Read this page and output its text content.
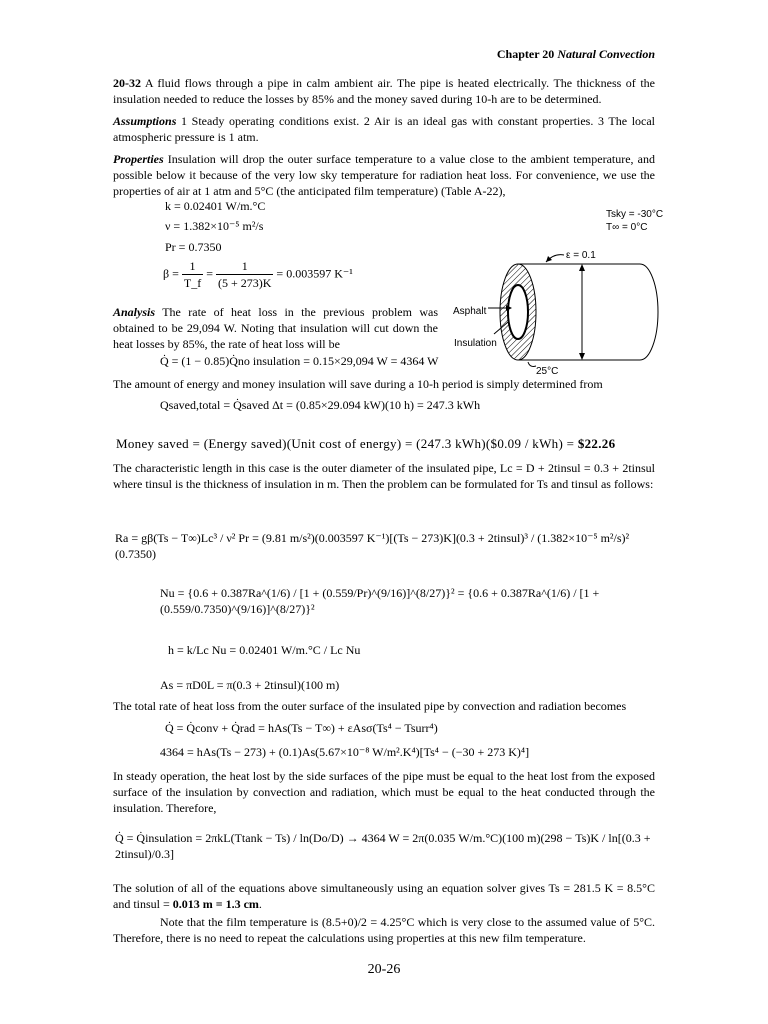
Chapter 20 Natural Convection
20-32 A fluid flows through a pipe in calm ambient air. The pipe is heated electrically. The thickness of the insulation needed to reduce the losses by 85% and the money saved during 10-h are to be determined.
Assumptions 1 Steady operating conditions exist. 2 Air is an ideal gas with constant properties. 3 The local atmospheric pressure is 1 atm.
Properties Insulation will drop the outer surface temperature to a value close to the ambient temperature, and possible below it because of the very low sky temperature for radiation heat loss. For convenience, we use the properties of air at 1 atm and 5°C (the anticipated film temperature) (Table A-22),
k = 0.02401 W/m.°C
ν = 1.382×10⁻⁵ m²/s
Pr = 0.7350
$\beta = \frac{1}{T\_f} = \frac{1}{(5 + 273)K} = 0.003597$ K⁻¹
Tsky = -30°C
T∞ = 0°C
ε = 0.1
Asphalt
Insulation
25°C
Analysis The rate of heat loss in the previous problem was obtained to be 29,094 W. Noting that insulation will cut down the heat losses by 85%, the rate of heat loss will be
Q̇ = (1 − 0.85)Q̇no insulation = 0.15×29,094 W = 4364 W
The amount of energy and money insulation will save during a 10-h period is simply determined from
Qsaved,total = Q̇saved Δt = (0.85×29.094 kW)(10 h) = 247.3 kWh
Money saved = (Energy saved)(Unit cost of energy) = (247.3 kWh)($0.09 / kWh) = $22.26
The characteristic length in this case is the outer diameter of the insulated pipe, Lc = D + 2tinsul = 0.3 + 2tinsul where tinsul is the thickness of insulation in m. Then the problem can be formulated for Ts and tinsul as follows:
Ra = gβ(Ts − T∞)Lc³ / ν² Pr = (9.81 m/s²)(0.003597 K⁻¹)[(Ts − 273)K](0.3 + 2tinsul)³ / (1.382×10⁻⁵ m²/s)² (0.7350)
Nu = {0.6 + 0.387Ra^(1/6) / [1 + (0.559/Pr)^(9/16)]^(8/27)}² = {0.6 + 0.387Ra^(1/6) / [1 + (0.559/0.7350)^(9/16)]^(8/27)}²
h = k/Lc Nu = 0.02401 W/m.°C / Lc Nu
As = πD0L = π(0.3 + 2tinsul)(100 m)
The total rate of heat loss from the outer surface of the insulated pipe by convection and radiation becomes
Q̇ = Q̇conv + Q̇rad = hAs(Ts − T∞) + εAsσ(Ts⁴ − Tsurr⁴)
4364 = hAs(Ts − 273) + (0.1)As(5.67×10⁻⁸ W/m².K⁴)[Ts⁴ − (−30 + 273 K)⁴]
In steady operation, the heat lost by the side surfaces of the pipe must be equal to the heat lost from the exposed surface of the insulation by convection and radiation, which must be equal to the heat conducted through the insulation. Therefore,
Q̇ = Q̇insulation = 2πkL(Ttank − Ts) / ln(Do/D) → 4364 W = 2π(0.035 W/m.°C)(100 m)(298 − Ts)K / ln[(0.3 + 2tinsul)/0.3]
The solution of all of the equations above simultaneously using an equation solver gives Ts = 281.5 K = 8.5°C and tinsul = 0.013 m = 1.3 cm.
Note that the film temperature is (8.5+0)/2 = 4.25°C which is very close to the assumed value of 5°C. Therefore, there is no need to repeat the calculations using properties at this new film temperature.
20-26
